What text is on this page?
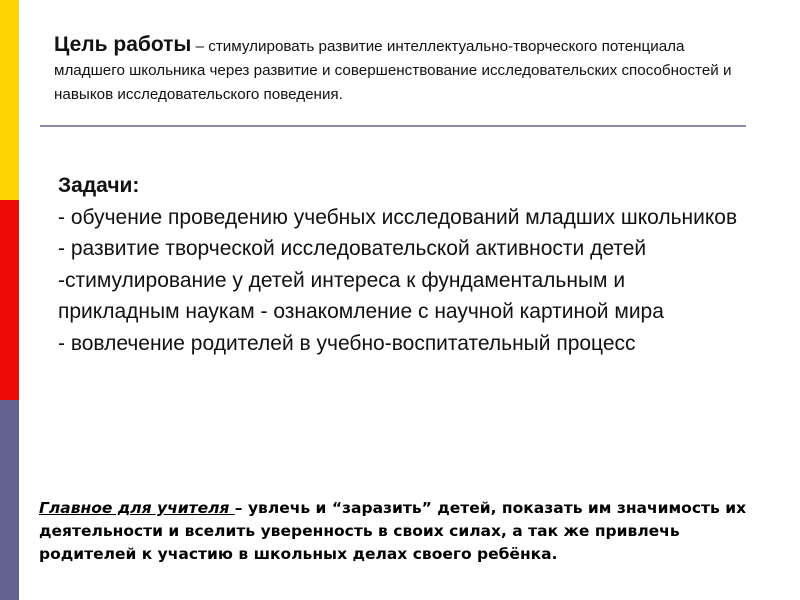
Цель работы – стимулировать развитие интеллектуально-творческого потенциала младшего школьника через развитие и совершенствование исследовательских способностей и навыков исследовательского поведения.
Задачи:
- обучение проведению учебных исследований младших школьников
- развитие творческой исследовательской активности детей
-стимулирование у детей интереса к фундаментальным и прикладным наукам - ознакомление с научной картиной мира
- вовлечение родителей в учебно-воспитательный процесс
Главное для учителя – увлечь и “заразить” детей, показать им значимость их деятельности и вселить уверенность в своих силах, а так же привлечь родителей к участию в школьных делах своего ребёнка.
